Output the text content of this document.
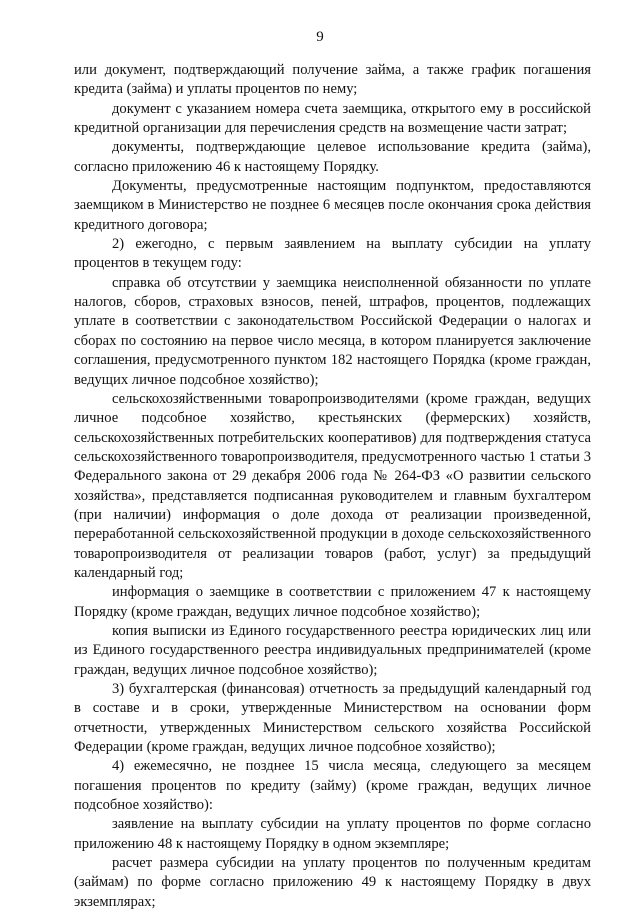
9

или документ, подтверждающий получение займа, а также график погашения кредита (займа) и уплаты процентов по нему;

документ с указанием номера счета заемщика, открытого ему в российской кредитной организации для перечисления средств на возмещение части затрат;

документы, подтверждающие целевое использование кредита (займа), согласно приложению 46 к настоящему Порядку.

Документы, предусмотренные настоящим подпунктом, предоставляются заемщиком в Министерство не позднее 6 месяцев после окончания срока действия кредитного договора;

2) ежегодно, с первым заявлением на выплату субсидии на уплату процентов в текущем году:

справка об отсутствии у заемщика неисполненной обязанности по уплате налогов, сборов, страховых взносов, пеней, штрафов, процентов, подлежащих уплате в соответствии с законодательством Российской Федерации о налогах и сборах по состоянию на первое число месяца, в котором планируется заключение соглашения, предусмотренного пунктом 182 настоящего Порядка (кроме граждан, ведущих личное подсобное хозяйство);

сельскохозяйственными товаропроизводителями (кроме граждан, ведущих личное подсобное хозяйство, крестьянских (фермерских) хозяйств, сельскохозяйственных потребительских кооперативов) для подтверждения статуса сельскохозяйственного товаропроизводителя, предусмотренного частью 1 статьи 3 Федерального закона от 29 декабря 2006 года № 264-ФЗ «О развитии сельского хозяйства», представляется подписанная руководителем и главным бухгалтером (при наличии) информация о доле дохода от реализации произведенной, переработанной сельскохозяйственной продукции в доходе сельскохозяйственного товаропроизводителя от реализации товаров (работ, услуг) за предыдущий календарный год;

информация о заемщике в соответствии с приложением 47 к настоящему Порядку (кроме граждан, ведущих личное подсобное хозяйство);

копия выписки из Единого государственного реестра юридических лиц или из Единого государственного реестра индивидуальных предпринимателей (кроме граждан, ведущих личное подсобное хозяйство);

3) бухгалтерская (финансовая) отчетность за предыдущий календарный год в составе и в сроки, утвержденные Министерством на основании форм отчетности, утвержденных Министерством сельского хозяйства Российской Федерации (кроме граждан, ведущих личное подсобное хозяйство);

4) ежемесячно, не позднее 15 числа месяца, следующего за месяцем погашения процентов по кредиту (займу) (кроме граждан, ведущих личное подсобное хозяйство):

заявление на выплату субсидии на уплату процентов по форме согласно приложению 48 к настоящему Порядку в одном экземпляре;

расчет размера субсидии на уплату процентов по полученным кредитам (займам) по форме согласно приложению 49 к настоящему Порядку в двух экземплярах;
